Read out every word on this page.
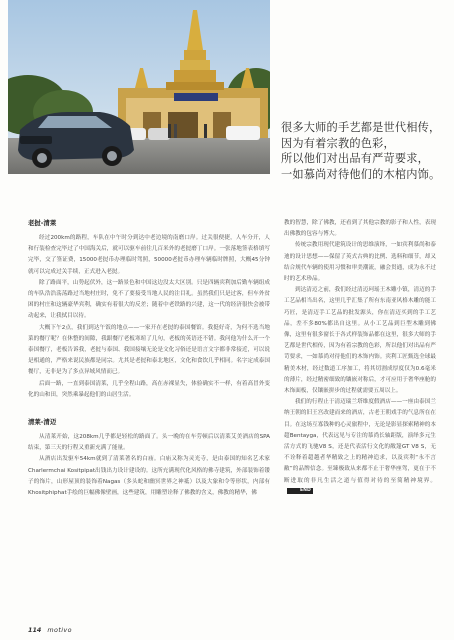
很多大师的手艺都是世代相传，
因为有着宗教的色彩，
所以他们对出品有严苛要求，
一如慕尚对待他们的木棺内饰。
老挝-清莱

经过200km的路程，车队在中午时分到达中老边境的南磨口岸。过关很便捷，人车分开，人和行装检查完毕过了中国海关后，就可以驱车前往几百米外的老挝磨丁口岸。一张落地签表格填写完毕，交了签证费，15000老挝币办理临时驾照，50000老挝币办理车辆临时牌照，大概45分钟就可以完成过关手续，正式进入老挝。

除了路面平，山势起伏外，这一路景色和中国这边没太大区别。只是四辆宾利加后勤车辆组成的车队浩浩荡荡路过当地村庄时，免不了要接受当地人民的注目礼。虽然我们只是过客，但车外贫困的村庄和这辆豪华宾利，确实有着很大的反差；随着中老铁路的兴建，这一代的经济很快会被带动起来，让我拭目以待。

大概下午2点，我们到达午饭的地点——一家开在老挝的泰国餐馆。我挺好奇，为何不选当地菜的餐厅呢？在休整的间隙，我跟餐厅老板寒暄了几句，老板的英语还不错。我问他为什么开一个泰国餐厅，老板告诉我，老挝与泰国、我国接壤无论是文化习俗还是语言文字都非常接近，可以说是相通的，严格来说民族都是同宗。尤其是老挝和泰北地区，文化和食饮几乎相同。名字定成泰国餐厅，无非是为了多点异域风情而已。

后面一路，一直到泰国清莱，几乎全程山路，高在赤裸显失，体验确实不一样，有着高冒外变化的山和田，突然乘暴起他们的山居生活。

清莱-清迈

从清莱开始，这208km几乎都是轻松的路面了。头一晚的在车劳顿后以清莱艾美酒店的SPA结束，第三天的行程又重新充满了能量。

从酒店出发驱车54km就到了清莱著名的白庙。白庙又称为灵光寺，是由泰国的知名艺术家Charlermchai Kositpipat出钱出力设计建设的。这所充满现代化风格的佛寺建筑，外部装饰着镂子的饰片，山形屋顶的装饰着Nagas（多头蛇和幽冥世界之神祗）以及大象和令等形状，内部有Khositphiphat手绘的巨幅佛像壁画，这些建筑，用雕塑诠释了佛教的含义，佛教的精华，佛

教的智慧，除了佛教，还看到了其他宗教的影子和人性，表现出佛教的包容与博大。

传统宗教用现代建筑设计的思维演绎，一如宾利慕尚和泰迪的设计思想——保留了英式古典的比例、选料和细节，却又结合规代车辆的使用习惯和审美潮流，融会贯通，成为永不过时的艺术珍品。

到达清迈之前，我们经过清迈珂瑶王木雕小镇，清迈的手工艺品相当出名，这里几乎汇集了所有东南亚风格木雕的能工巧匠，是清迈手工艺品的批发源头，你在清迈买到的手工艺品，差不多80%都出自这里。从小工艺品到巨型木雕到佛像，这里有很多窗长于各式样装饰品都在这里，很多大师的手艺都是世代相传，因为有着宗教的色彩，所以他们对出品有严苛要求，一如慕尚对待他们的木饰内饰。宾利工匠甄选全球最精美木材，经过数道工序加工，将其切割成厚度仅为0.6毫米的薄片，经过精密细致的镶嵌对称后，才可应用于奢华座舱的木饰面板，仅镶嵌拼步的过程就需要五周以上。

我们的行程止于清迈瑞兰塔维度假酒店——一座由泰国兰纳王朝的旧王宫改建而来的酒店，古老王朝戏手的气息所在在目。在这场互寡钱种的心灵旅程中，无论是影显探索精神的本超Bentayga，代表远见与专注的慕尚长轴距版，演绎多元生活方式的飞驰V8 S，还是代表活行文化的敞篷GT V8 S，无不诠释着超越者华精致之上的精神追求，以及宾利“永不言敝”的品牌信念。至臻极致从来都不止于奢华座驾，更在于不断进取的非凡生活之道与值得对待的至简精神境界。END

114 motivo
